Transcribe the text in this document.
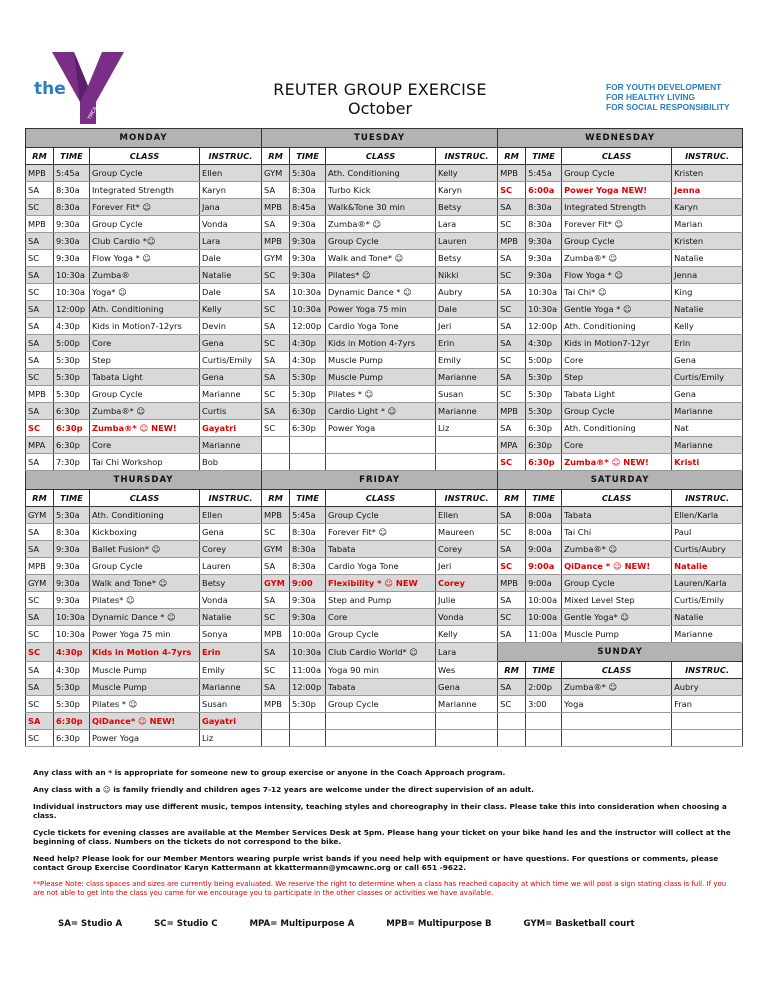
the
YMCA
FOR YOUTH DEVELOPMENT
FOR HEALTHY LIVING
FOR SOCIAL RESPONSIBILITY
REUTER GROUP EXERCISE
October
MONDAY				TUESDAY				WEDNESDAY			
RM	TIME	CLASS	INSTRUC.	RM	TIME	CLASS	INSTRUC.	RM	TIME	CLASS	INSTRUC.
MPB	5:45a	Group Cycle	Ellen	GYM	5:30a	Ath. Conditioning	Kelly	MPB	5:45a	Group Cycle	Kristen
SA	8:30a	Integrated Strength	Karyn	SA	8:30a	Turbo Kick	Karyn	SC	6:00a	Power Yoga NEW!	Jenna
SC	8:30a	Forever Fit* ☺	Jana	MPB	8:45a	Walk&Tone 30 min	Betsy	SA	8:30a	Integrated Strength	Karyn
MPB	9:30a	Group Cycle	Vonda	SA	9:30a	Zumba®* ☺	Lara	SC	8:30a	Forever Fit* ☺	Marian
SA	9:30a	Club Cardio *☺	Lara	MPB	9:30a	Group Cycle	Lauren	MPB	9:30a	Group Cycle	Kristen
SC	9:30a	Flow Yoga * ☺	Dale	GYM	9:30a	Walk and Tone* ☺	Betsy	SA	9:30a	Zumba®* ☺	Natalie
SA	10:30a	Zumba®	Natalie	SC	9:30a	Pilates* ☺	Nikki	SC	9:30a	Flow Yoga * ☺	Jenna
SC	10:30a	Yoga* ☺	Dale	SA	10:30a	Dynamic Dance * ☺	Aubry	SA	10:30a	Tai Chi* ☺	King
SA	12:00p	Ath. Conditioning	Kelly	SC	10:30a	Power Yoga 75 min	Dale	SC	10:30a	Gentle Yoga * ☺	Natalie
SA	4:30p	Kids in Motion7-12yrs	Devin	SA	12:00p	Cardio Yoga Tone	Jeri	SA	12:00p	Ath. Conditioning	Kelly
SA	5:00p	Core	Gena	SC	4:30p	Kids in Motion 4-7yrs	Erin	SA	4:30p	Kids in Motion7-12yr	Erin
SA	5:30p	Step	Curtis/Emily	SA	4:30p	Muscle Pump	Emily	SC	5:00p	Core	Gena
SC	5:30p	Tabata Light	Gena	SA	5:30p	Muscle Pump	Marianne	SA	5:30p	Step	Curtis/Emily
MPB	5:30p	Group Cycle	Marianne	SC	5:30p	Pilates * ☺	Susan	SC	5:30p	Tabata Light	Gena
SA	6:30p	Zumba®* ☺	Curtis	SA	6:30p	Cardio Light * ☺	Marianne	MPB	5:30p	Group Cycle	Marianne
SC	6:30p	Zumba®* ☺ NEW!	Gayatri	SC	6:30p	Power Yoga	Liz	SA	6:30p	Ath. Conditioning	Nat
MPA	6:30p	Core	Marianne					MPA	6:30p	Core	Marianne
SA	7:30p	Tai Chi Workshop	Bob					SC	6:30p	Zumba®* ☺ NEW!	Kristi
THURSDAY				FRIDAY				SATURDAY			
RM	TIME	CLASS	INSTRUC.	RM	TIME	CLASS	INSTRUC.	RM	TIME	CLASS	INSTRUC.
GYM	5:30a	Ath. Conditioning	Ellen	MPB	5:45a	Group Cycle	Ellen	SA	8:00a	Tabata	Ellen/Karla
SA	8:30a	Kickboxing	Gena	SC	8:30a	Forever Fit* ☺	Maureen	SC	8:00a	Tai Chi	Paul
SA	9:30a	Ballet Fusion* ☺	Corey	GYM	8:30a	Tabata	Corey	SA	9:00a	Zumba®* ☺	Curtis/Aubry
MPB	9:30a	Group Cycle	Lauren	SA	8:30a	Cardio Yoga Tone	Jeri	SC	9:00a	QiDance * ☺ NEW!	Natalie
GYM	9:30a	Walk and Tone* ☺	Betsy	GYM	9:00	Flexibility * ☺ NEW	Corey	MPB	9:00a	Group Cycle	Lauren/Karla
SC	9:30a	Pilates* ☺	Vonda	SA	9:30a	Step and Pump	Julie	SA	10:00a	Mixed Level Step	Curtis/Emily
SA	10:30a	Dynamic Dance * ☺	Natalie	SC	9:30a	Core	Vonda	SC	10:00a	Gentle Yoga* ☺	Natalie
SC	10:30a	Power Yoga 75 min	Sonya	MPB	10:00a	Group Cycle	Kelly	SA	11:00a	Muscle Pump	Marianne
SC	4:30p	Kids in Motion 4-7yrs	Erin	SA	10:30a	Club Cardio World* ☺	Lara	SUNDAY			
SA	4:30p	Muscle Pump	Emily	SC	11:00a	Yoga 90 min	Wes	RM	TIME	CLASS	INSTRUC.
SA	5:30p	Muscle Pump	Marianne	SA	12:00p	Tabata	Gena	SA	2:00p	Zumba®* ☺	Aubry
SC	5:30p	Pilates * ☺	Susan	MPB	5:30p	Group Cycle	Marianne	SC	3:00	Yoga	Fran
SA	6:30p	QiDance* ☺ NEW!	Gayatri								
SC	6:30p	Power Yoga	Liz								

Any class with an * is appropriate for someone new to group exercise or anyone in the Coach Approach program.

Any class with a ☺ is family friendly and children ages 7-12 years are welcome under the direct supervision of an adult.

Individual instructors may use different music, tempos intensity, teaching styles and choreography in their class. Please take this into consideration when choosing a class.

Cycle tickets for evening classes are available at the Member Services Desk at 5pm. Please hang your ticket on your bike hand les and the instructor will collect at the beginning of class. Numbers on the tickets do not correspond to the bike.

Need help? Please look for our Member Mentors wearing purple wrist bands if you need help with equipment or have questions. For questions or comments, please contact Group Exercise Coordinator Karyn Kattermann at kkattermann@ymcawnc.org or call 651 -9622.

**Please Note: class spaces and sizes are currently being evaluated. We reserve the right to determine when a class has reached capacity at which time we will post a sign stating class is full. If you are not able to get into the class you came for we encourage you to participate in the other classes or activities we have available.

SA= Studio A	SC= Studio C	MPA= Multipurpose A	MPB= Multipurpose B	GYM= Basketball court
